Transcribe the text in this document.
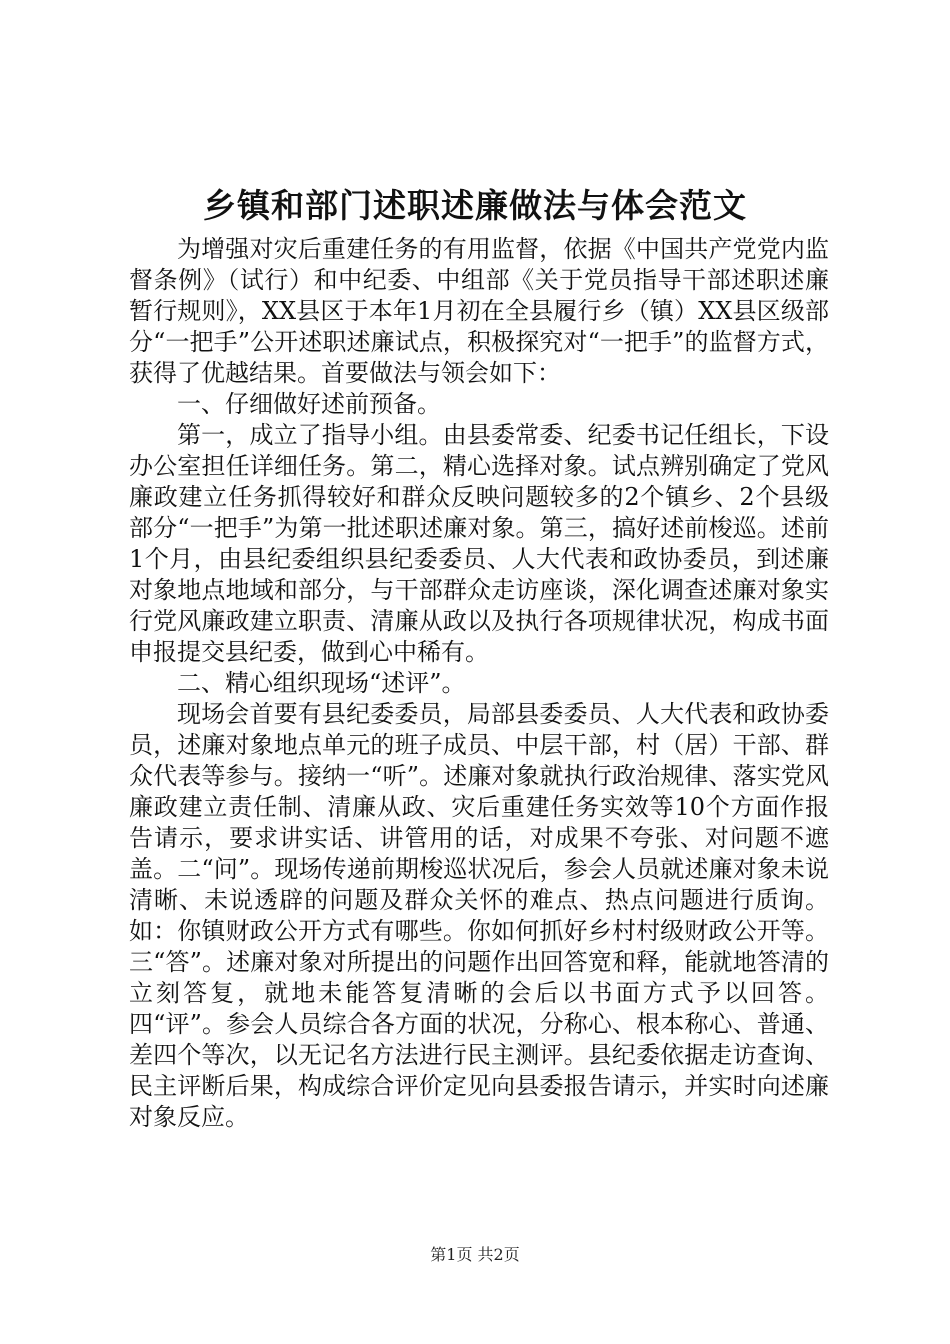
乡镇和部门述职述廉做法与体会范文

为增强对灾后重建任务的有用监督，依据《中国共产党党内监督条例》（试行）和中纪委、中组部《关于党员指导干部述职述廉暂行规则》，XX县区于本年1月初在全县履行乡（镇）XX县区级部分“一把手”公开述职述廉试点，积极探究对“一把手”的监督方式，获得了优越结果。首要做法与领会如下：

一、仔细做好述前预备。

第一，成立了指导小组。由县委常委、纪委书记任组长，下设办公室担任详细任务。第二，精心选择对象。试点辨别确定了党风廉政建立任务抓得较好和群众反映问题较多的2个镇乡、2个县级部分“一把手”为第一批述职述廉对象。第三，搞好述前梭巡。述前1个月，由县纪委组织县纪委委员、人大代表和政协委员，到述廉对象地点地域和部分，与干部群众走访座谈，深化调查述廉对象实行党风廉政建立职责、清廉从政以及执行各项规律状况，构成书面申报提交县纪委，做到心中稀有。

二、精心组织现场“述评”。

现场会首要有县纪委委员，局部县委委员、人大代表和政协委员，述廉对象地点单元的班子成员、中层干部，村（居）干部、群众代表等参与。接纳一“听”。述廉对象就执行政治规律、落实党风廉政建立责任制、清廉从政、灾后重建任务实效等10个方面作报告请示，要求讲实话、讲管用的话，对成果不夸张、对问题不遮盖。二“问”。现场传递前期梭巡状况后，参会人员就述廉对象未说清晰、未说透辟的问题及群众关怀的难点、热点问题进行质询。如：你镇财政公开方式有哪些。你如何抓好乡村村级财政公开等。三“答”。述廉对象对所提出的问题作出回答宽和释，能就地答清的立刻答复，就地未能答复清晰的会后以书面方式予以回答。四“评”。参会人员综合各方面的状况，分称心、根本称心、普通、差四个等次，以无记名方法进行民主测评。县纪委依据走访查询、民主评断后果，构成综合评价定见向县委报告请示，并实时向述廉对象反应。

第1页 共2页
